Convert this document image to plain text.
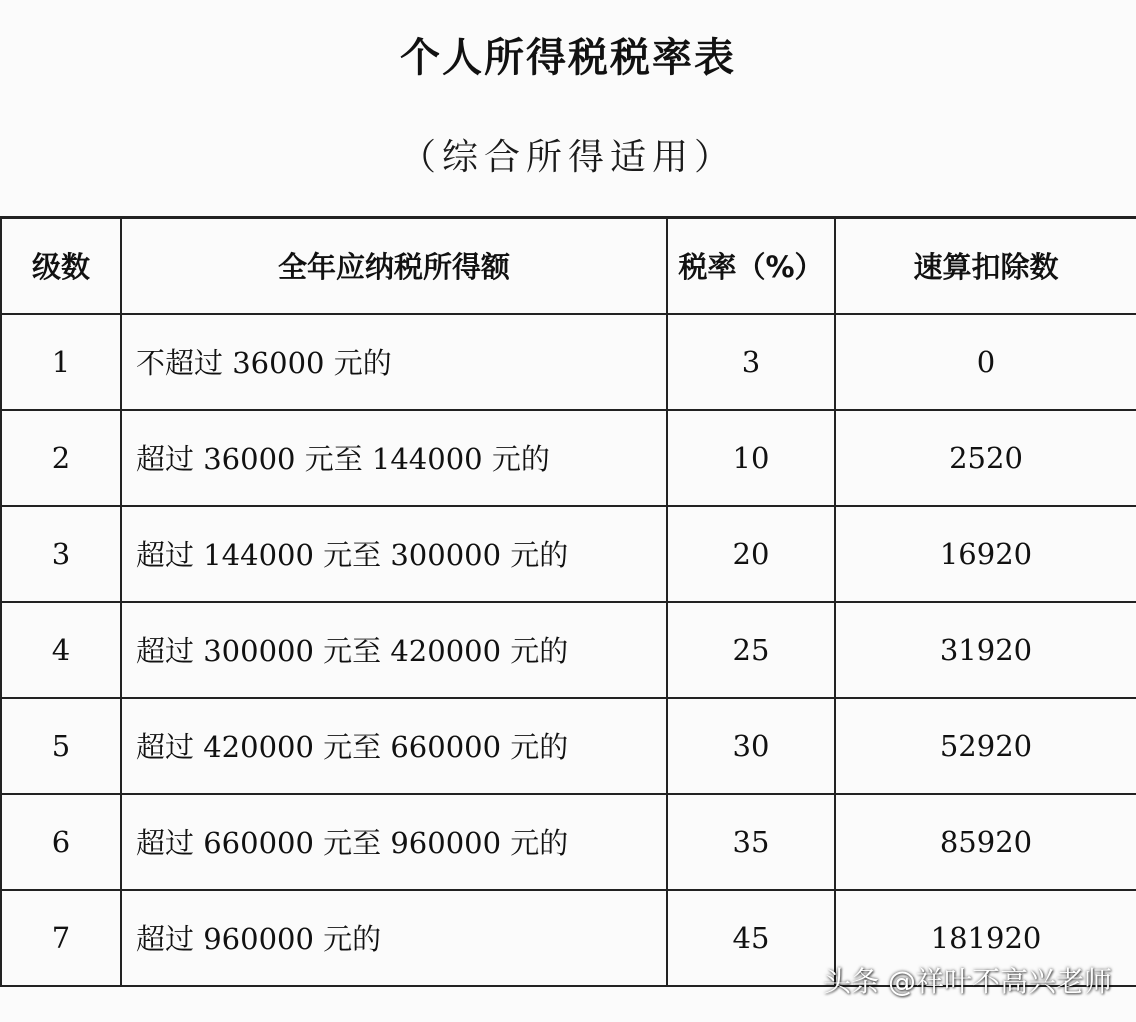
个人所得税税率表
（综合所得适用）
级数	全年应纳税所得额	税率（%）	速算扣除数
1	不超过 36000 元的	3	0
2	超过 36000 元至 144000 元的	10	2520
3	超过 144000 元至 300000 元的	20	16920
4	超过 300000 元至 420000 元的	25	31920
5	超过 420000 元至 660000 元的	30	52920
6	超过 660000 元至 960000 元的	35	85920
7	超过 960000 元的	45	181920
头条 @祥叶不高兴老师
